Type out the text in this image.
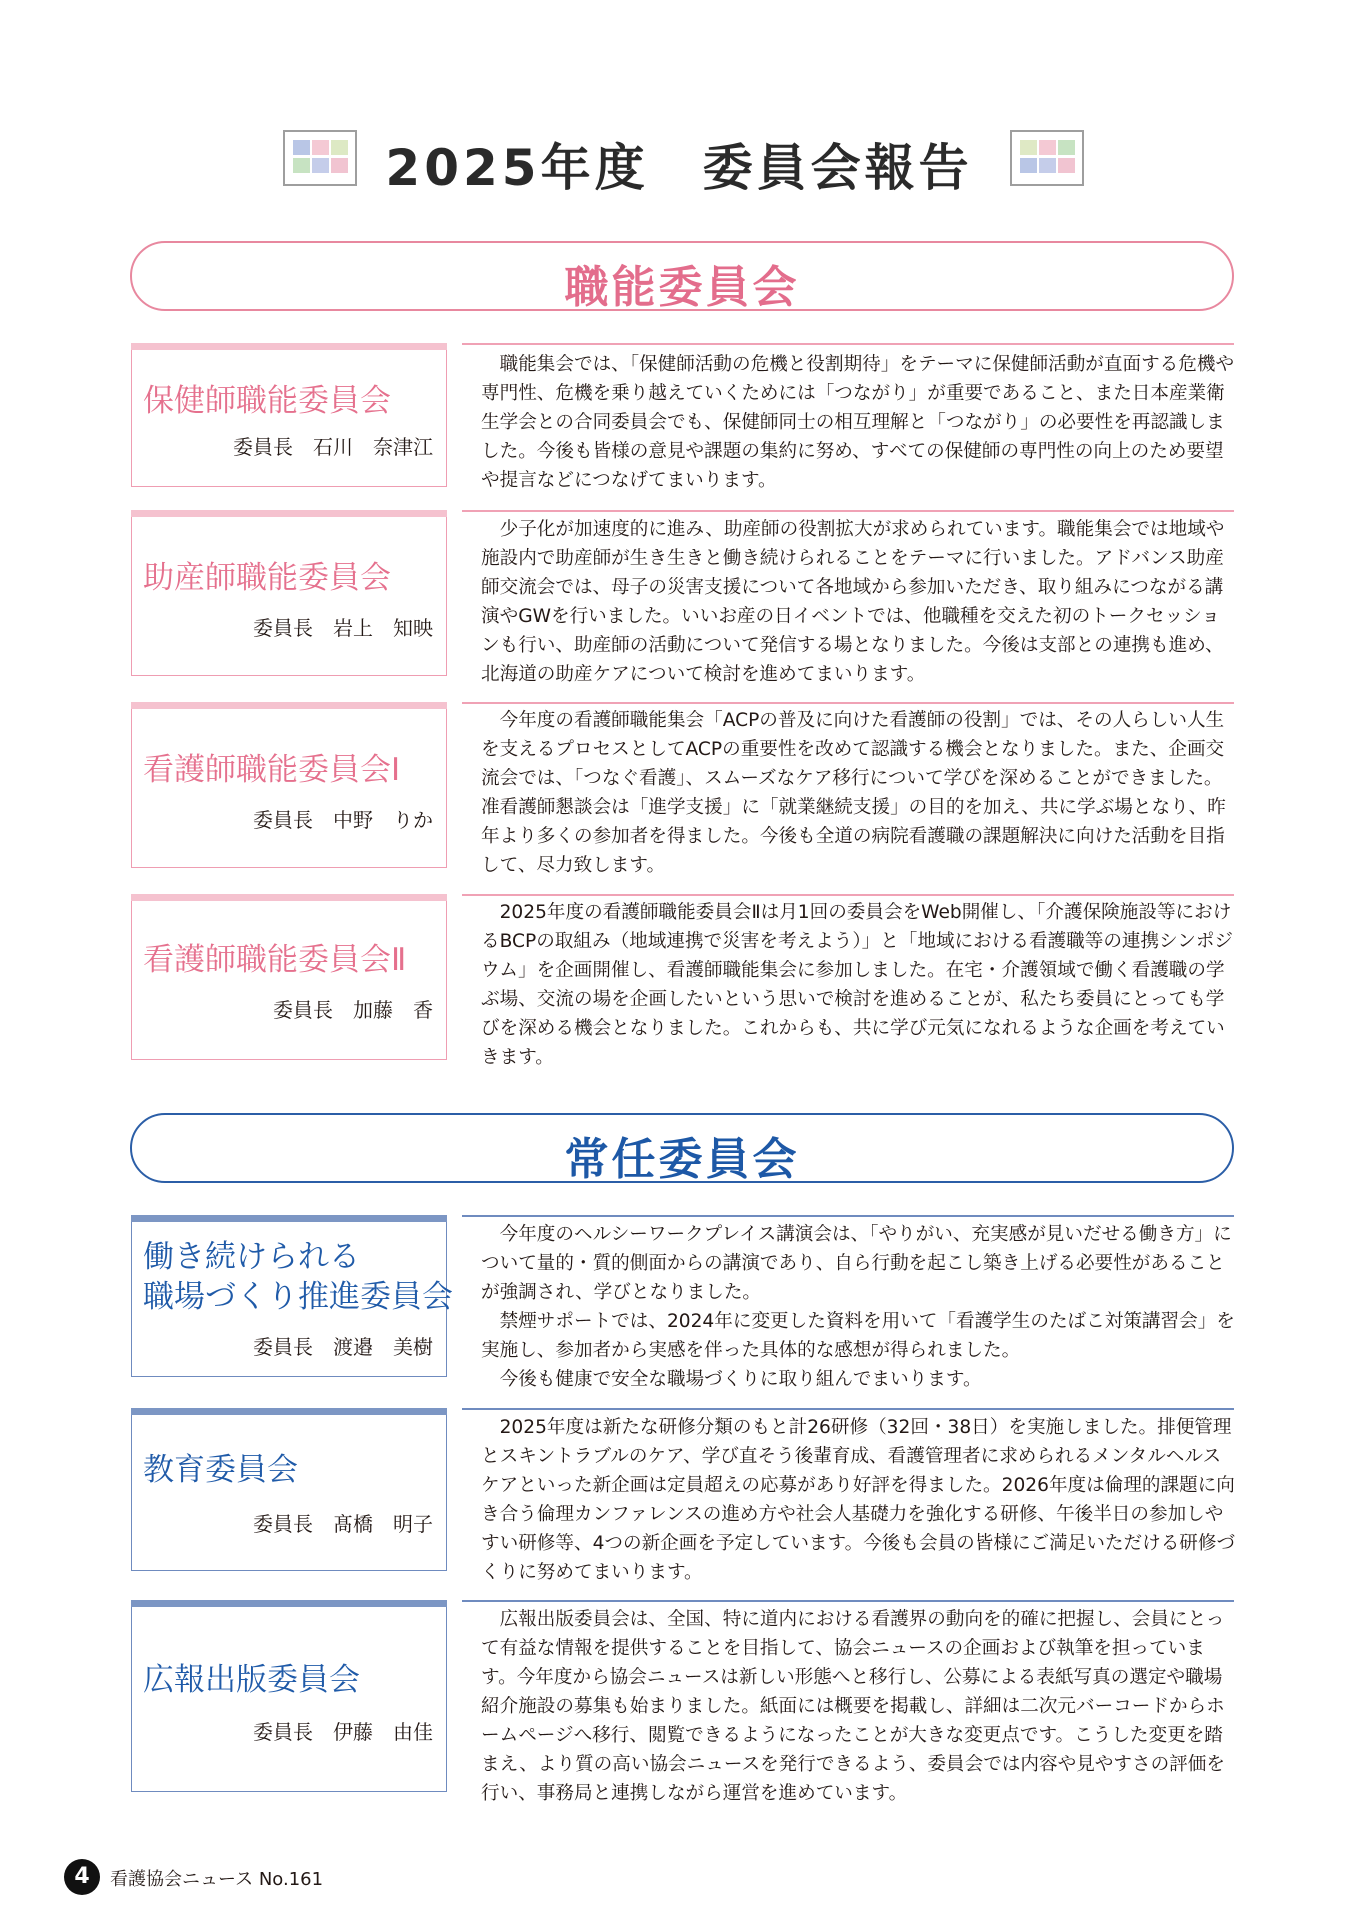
2025年度　委員会報告
職能委員会
保健師職能委員会
委員長　石川　奈津江

職能集会では、「保健師活動の危機と役割期待」をテーマに保健師活動が直面する危機や専門性、危機を乗り越えていくためには「つながり」が重要であること、また日本産業衛生学会との合同委員会でも、保健師同士の相互理解と「つながり」の必要性を再認識しました。今後も皆様の意見や課題の集約に努め、すべての保健師の専門性の向上のため要望や提言などにつなげてまいります。

助産師職能委員会
委員長　岩上　知映

少子化が加速度的に進み、助産師の役割拡大が求められています。職能集会では地域や施設内で助産師が生き生きと働き続けられることをテーマに行いました。アドバンス助産師交流会では、母子の災害支援について各地域から参加いただき、取り組みにつながる講演やGWを行いました。いいお産の日イベントでは、他職種を交えた初のトークセッションも行い、助産師の活動について発信する場となりました。今後は支部との連携も進め、北海道の助産ケアについて検討を進めてまいります。

看護師職能委員会Ⅰ
委員長　中野　りか

今年度の看護師職能集会「ACPの普及に向けた看護師の役割」では、その人らしい人生を支えるプロセスとしてACPの重要性を改めて認識する機会となりました。また、企画交流会では、「つなぐ看護」、スムーズなケア移行について学びを深めることができました。准看護師懇談会は「進学支援」に「就業継続支援」の目的を加え、共に学ぶ場となり、昨年より多くの参加者を得ました。今後も全道の病院看護職の課題解決に向けた活動を目指して、尽力致します。

看護師職能委員会Ⅱ
委員長　加藤　香

2025年度の看護師職能委員会Ⅱは月1回の委員会をWeb開催し、「介護保険施設等におけるBCPの取組み（地域連携で災害を考えよう）」と「地域における看護職等の連携シンポジウム」を企画開催し、看護師職能集会に参加しました。在宅・介護領域で働く看護職の学ぶ場、交流の場を企画したいという思いで検討を進めることが、私たち委員にとっても学びを深める機会となりました。これからも、共に学び元気になれるような企画を考えていきます。

常任委員会
働き続けられる
職場づくり推進委員会
委員長　渡邉　美樹

今年度のヘルシーワークプレイス講演会は、「やりがい、充実感が見いだせる働き方」について量的・質的側面からの講演であり、自ら行動を起こし築き上げる必要性があることが強調され、学びとなりました。

禁煙サポートでは、2024年に変更した資料を用いて「看護学生のたばこ対策講習会」を実施し、参加者から実感を伴った具体的な感想が得られました。

今後も健康で安全な職場づくりに取り組んでまいります。

教育委員会
委員長　髙橋　明子

2025年度は新たな研修分類のもと計26研修（32回・38日）を実施しました。排便管理とスキントラブルのケア、学び直そう後輩育成、看護管理者に求められるメンタルヘルスケアといった新企画は定員超えの応募があり好評を得ました。2026年度は倫理的課題に向き合う倫理カンファレンスの進め方や社会人基礎力を強化する研修、午後半日の参加しやすい研修等、4つの新企画を予定しています。今後も会員の皆様にご満足いただける研修づくりに努めてまいります。

広報出版委員会
委員長　伊藤　由佳

広報出版委員会は、全国、特に道内における看護界の動向を的確に把握し、会員にとって有益な情報を提供することを目指して、協会ニュースの企画および執筆を担っています。今年度から協会ニュースは新しい形態へと移行し、公募による表紙写真の選定や職場紹介施設の募集も始まりました。紙面には概要を掲載し、詳細は二次元バーコードからホームページへ移行、閲覧できるようになったことが大きな変更点です。こうした変更を踏まえ、より質の高い協会ニュースを発行できるよう、委員会では内容や見やすさの評価を行い、事務局と連携しながら運営を進めています。

4	看護協会ニュース No.161
